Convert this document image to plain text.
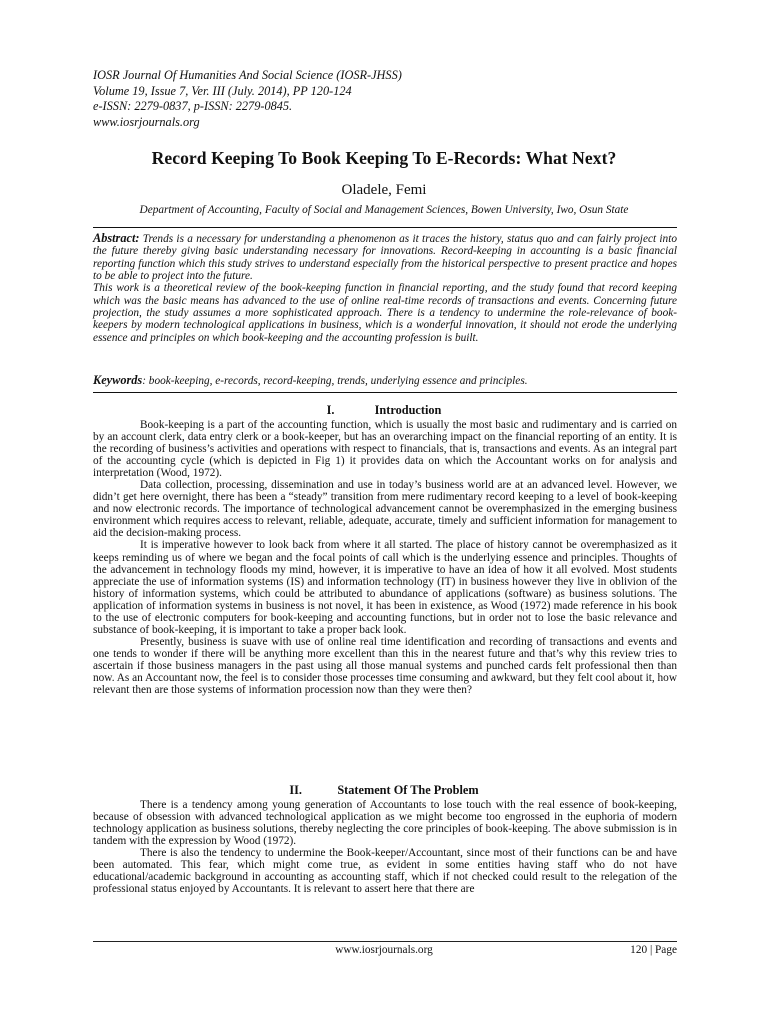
IOSR Journal Of Humanities And Social Science (IOSR-JHSS)
Volume 19, Issue 7, Ver. III (July. 2014), PP 120-124
e-ISSN: 2279-0837, p-ISSN: 2279-0845.
www.iosrjournals.org
Record Keeping To Book Keeping To E-Records: What Next?
Oladele, Femi
Department of Accounting, Faculty of Social and Management Sciences, Bowen University, Iwo, Osun State

Abstract: Trends is a necessary for understanding a phenomenon as it traces the history, status quo and can fairly project into the future thereby giving basic understanding necessary for innovations. Record-keeping in accounting is a basic financial reporting function which this study strives to understand especially from the historical perspective to present practice and hopes to be able to project into the future.

This work is a theoretical review of the book-keeping function in financial reporting, and the study found that record keeping which was the basic means has advanced to the use of online real-time records of transactions and events. Concerning future projection, the study assumes a more sophisticated approach. There is a tendency to undermine the role-relevance of book-keepers by modern technological applications in business, which is a wonderful innovation, it should not erode the underlying essence and principles on which book-keeping and the accounting profession is built.

Keywords: book-keeping, e-records, record-keeping, trends, underlying essence and principles.
I.	Introduction

Book-keeping is a part of the accounting function, which is usually the most basic and rudimentary and is carried on by an account clerk, data entry clerk or a book-keeper, but has an overarching impact on the financial reporting of an entity. It is the recording of business’s activities and operations with respect to financials, that is, transactions and events. As an integral part of the accounting cycle (which is depicted in Fig 1) it provides data on which the Accountant works on for analysis and interpretation (Wood, 1972).

Data collection, processing, dissemination and use in today’s business world are at an advanced level. However, we didn’t get here overnight, there has been a “steady” transition from mere rudimentary record keeping to a level of book-keeping and now electronic records. The importance of technological advancement cannot be overemphasized in the emerging business environment which requires access to relevant, reliable, adequate, accurate, timely and sufficient information for management to aid the decision-making process.

It is imperative however to look back from where it all started. The place of history cannot be overemphasized as it keeps reminding us of where we began and the focal points of call which is the underlying essence and principles. Thoughts of the advancement in technology floods my mind, however, it is imperative to have an idea of how it all evolved. Most students appreciate the use of information systems (IS) and information technology (IT) in business however they live in oblivion of the history of information systems, which could be attributed to abundance of applications (software) as business solutions. The application of information systems in business is not novel, it has been in existence, as Wood (1972) made reference in his book to the use of electronic computers for book-keeping and accounting functions, but in order not to lose the basic relevance and substance of book-keeping, it is important to take a proper back look.

Presently, business is suave with use of online real time identification and recording of transactions and events and one tends to wonder if there will be anything more excellent than this in the nearest future and that’s why this review tries to ascertain if those business managers in the past using all those manual systems and punched cards felt professional then than now. As an Accountant now, the feel is to consider those processes time consuming and awkward, but they felt cool about it, how relevant then are those systems of information procession now than they were then?

II.	Statement Of The Problem

There is a tendency among young generation of Accountants to lose touch with the real essence of book-keeping, because of obsession with advanced technological application as we might become too engrossed in the euphoria of modern technology application as business solutions, thereby neglecting the core principles of book-keeping. The above submission is in tandem with the expression by Wood (1972).

There is also the tendency to undermine the Book-keeper/Accountant, since most of their functions can be and have been automated. This fear, which might come true, as evident in some entities having staff who do not have educational/academic background in accounting as accounting staff, which if not checked could result to the relegation of the professional status enjoyed by Accountants. It is relevant to assert here that there are

www.iosrjournals.org	120 | Page
